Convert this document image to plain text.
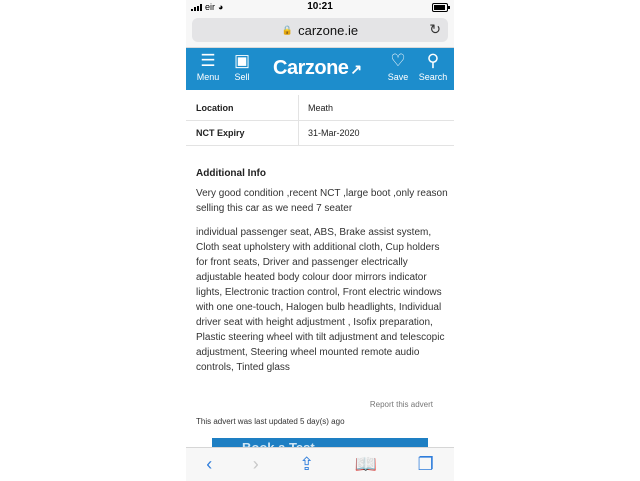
eir ◕	10:21
🔒 carzone.ie	↻
☰
Menu
▣
Sell	Carzone ↗	♡
Save
⚲
Search
Location	Meath
NCT Expiry	31-Mar-2020
Additional Info
Very good condition ,recent NCT ,large boot ,only reason selling this car as we need 7 seater
individual passenger seat, ABS, Brake assist system, Cloth seat upholstery with additional cloth, Cup holders for front seats, Driver and passenger electrically adjustable heated body colour door mirrors indicator lights, Electronic traction control, Front electric windows with one one-touch, Halogen bulb headlights, Individual driver seat with height adjustment , Isofix preparation, Plastic steering wheel with tilt adjustment and telescopic adjustment, Steering wheel mounted remote audio controls, Tinted glass
Report this advert
This advert was last updated 5 day(s) ago
‹ › ⇪ 📖 ❐
